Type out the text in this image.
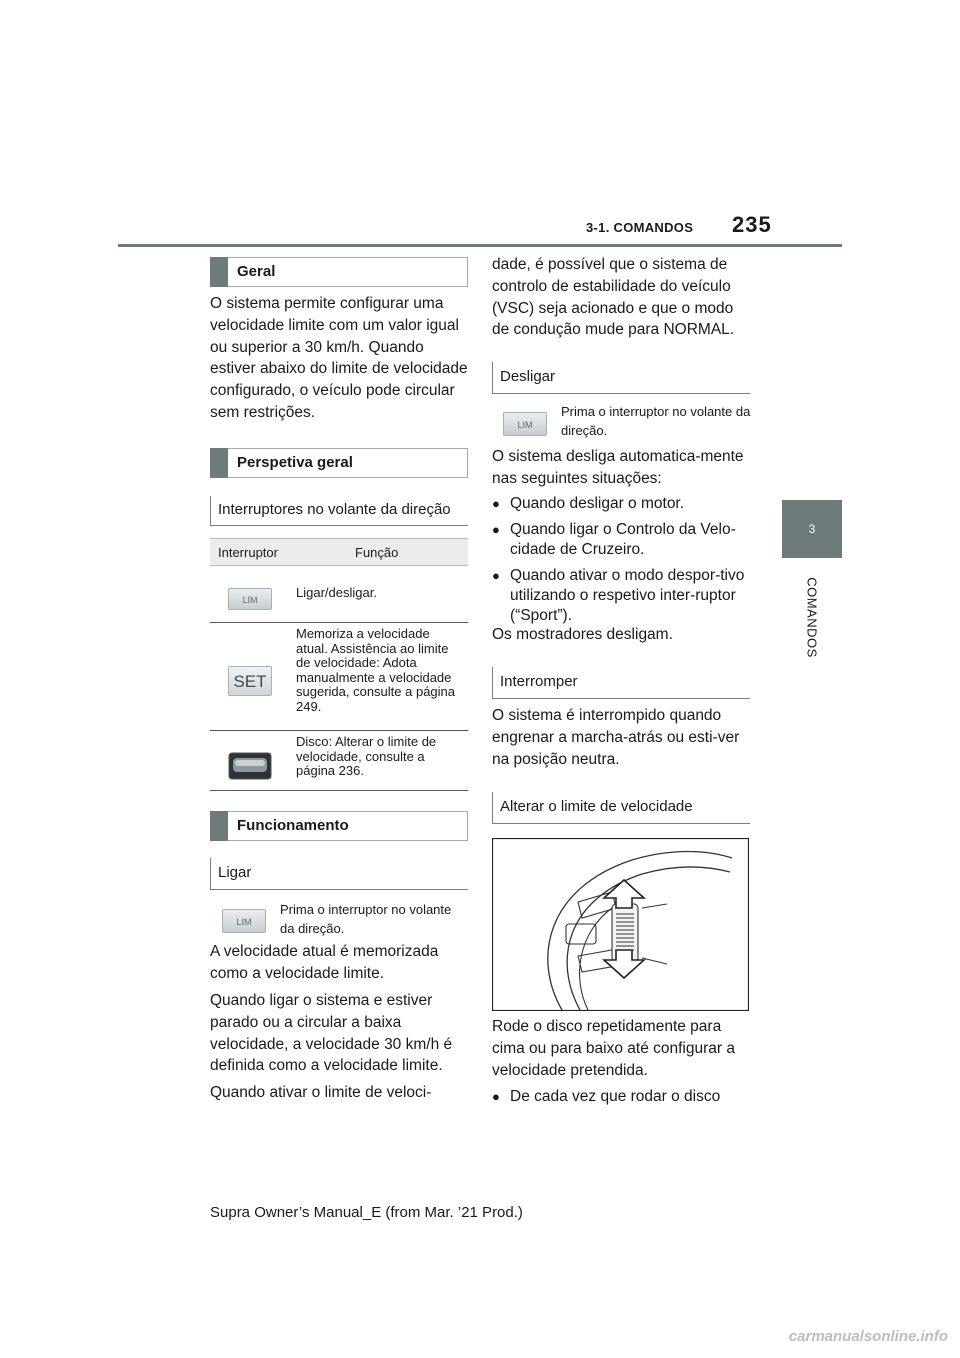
3-1. COMANDOS 235
3
COMANDOS
Geral
O sistema permite configurar uma velocidade limite com um valor igual ou superior a 30 km/h. Quando estiver abaixo do limite de velocidade configurado, o veículo pode circular sem restrições.
Perspetiva geral
Interruptores no volante da direção
Interruptor	Função
LIM	Ligar/desligar.
SET
Memoriza a velocidade atual. Assistência ao limite de velocidade: Adota manualmente a velocidade sugerida, consulte a página 249.
Disco: Alterar o limite de velocidade, consulte a página 236.
Funcionamento
Ligar
LIM
Prima o interruptor no volante da direção.
A velocidade atual é memorizada como a velocidade limite.
Quando ligar o sistema e estiver parado ou a circular a baixa velocidade, a velocidade 30 km/h é definida como a velocidade limite.
Quando ativar o limite de veloci-
dade, é possível que o sistema de controlo de estabilidade do veículo (VSC) seja acionado e que o modo de condução mude para NORMAL.
Desligar
LIM
Prima o interruptor no volante da direção.
O sistema desliga automatica-mente nas seguintes situações:
● Quando desligar o motor.
● Quando ligar o Controlo da Velo-cidade de Cruzeiro.
● Quando ativar o modo despor-tivo utilizando o respetivo inter-ruptor (“Sport”).
Os mostradores desligam.
Interromper
O sistema é interrompido quando engrenar a marcha-atrás ou esti-ver na posição neutra.
Alterar o limite de velocidade
Rode o disco repetidamente para cima ou para baixo até configurar a velocidade pretendida.
● De cada vez que rodar o disco
Supra Owner’s Manual_E (from Mar. ’21 Prod.)
carmanualsonline.info
